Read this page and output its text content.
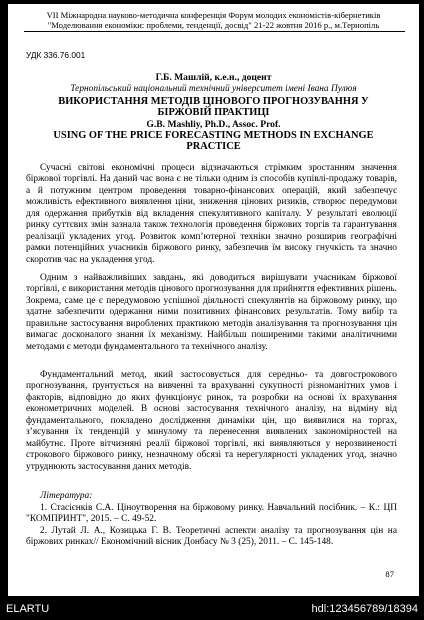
VII Міжнародна науково-методична конференція Форум молодих економістів-кібернетиків
"Моделювання економіки: проблеми, тенденції, досвід" 21-22 жовтня 2016 р., м.Тернопіль
УДК 336.76.001
Г.Б. Машлій, к.е.н., доцент
Тернопільський національний технічний університет імені Івана Пулюя
ВИКОРИСТАННЯ МЕТОДІВ ЦІНОВОГО ПРОГНОЗУВАННЯ У
БІРЖОВІЙ ПРАКТИЦІ
G.B. Mashliy, Ph.D., Assoc. Prof.
USING OF THE PRICE FORECASTING METHODS IN EXCHANGE
PRACTICE
Сучасні світові економічні процеси відзначаються стрімким зростанням значення біржової торгівлі. На даний час вона є не тільки одним із способів купівлі-продажу товарів, а й потужним центром проведення товарно-фінансових операцій, який забезпечує можливість ефективного виявлення ціни, зниження цінових ризиків, створює передумови для одержання прибутків від вкладення спекулятивного капіталу. У результаті еволюції ринку суттєвих змін зазнала також технологія проведення біржових торгів та гарантування реалізації укладених угод. Розвиток комп’ютерної техніки значно розширив географічні рамки потенційних учасників біржового ринку, забезпечив їм високу гнучкість та значно скоротив час на укладення угод.
Одним з найважливіших завдань, які доводиться вирішувати учасникам біржової торгівлі, є використання методів цінового прогнозування для прийняття ефективних рішень. Зокрема, саме це є передумовою успішної діяльності спекулянтів на біржовому ринку, що здатне забезпечити одержання ними позитивних фінансових результатів. Тому вибір та правильне застосування вироблених практикою методів аналізування та прогнозування цін вимагає досконалого знання їх механізму. Найбільш поширеними такими аналітичними методами є методи фундаментального та технічного аналізу.
Фундаментальний метод, який застосовується для середньо- та довгострокового прогнозування, ґрунтується на вивченні та врахуванні сукупності різноманітних умов і факторів, відповідно до яких функціонує ринок, та розробки на основі їх врахування економетричних моделей. В основі застосування технічного аналізу, на відміну від фундаментального, покладено дослідження динаміки цін, що виявилися на торгах, з’ясування їх тенденцій у минулому та перенесення виявлених закономірностей на майбутнє. Проте вітчизняні реалії біржової торгівлі, які виявляються у нерозвиненості строкового біржового ринку, незначному обсязі та нерегулярності укладених угод, значно утруднюють застосування даних методів.
Література:
1. Стасієнків С.А. Ціноутворення на біржовому ринку. Навчальний посібник. – К.: ЦП "КОМПРИНТ", 2015. – С. 49-52.
2. Лутай Л. А., Козицька Г. В. Теоретичні аспекти аналізу та прогнозування цін на біржових ринках// Економічний вісник Донбасу № 3 (25), 2011. – С. 145-148.
87
ELARTU	hdl:123456789/18394
